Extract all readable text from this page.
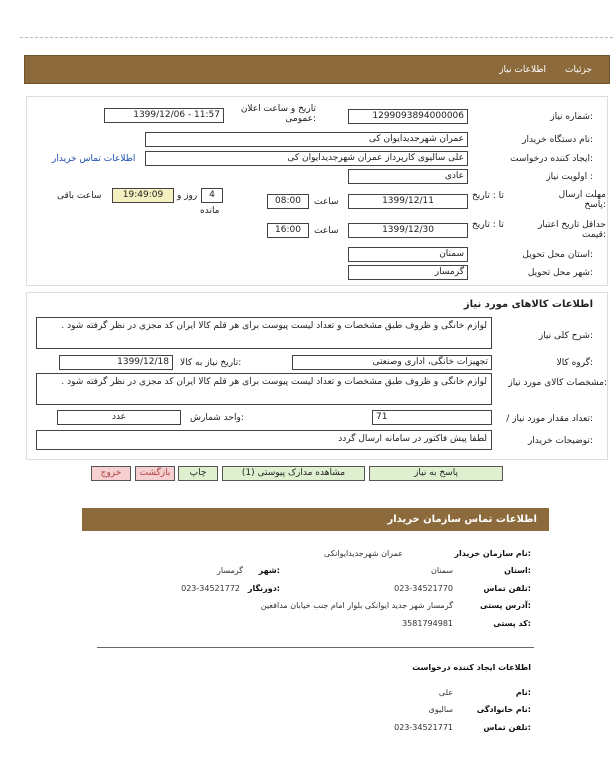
جزئیات
اطلاعات نیاز
شماره نیاز:
1299093894000006
تاریخ و ساعت اعلان عمومی:
1399/12/06 - 11:57
نام دستگاه خریدار:
عمران شهرجدیدایوان کی
ایجاد کننده درخواست:
علی سالیوی کارپرداز عمران شهرجدیدایوان کی
اطلاعات تماس خریدار
اولویت نیاز :
عادی
مهلت ارسال پاسخ:
تا : تاریخ
1399/12/11
ساعت
08:00
4
روز و
19:49:09
ساعت باقی
مانده
حداقل تاریخ اعتبار قیمت:
تا : تاریخ
1399/12/30
ساعت
16:00
استان محل تحویل:
سمنان
شهر محل تحویل:
گرمسار
اطلاعات کالاهای مورد نیاز
شرح کلی نیاز:
لوازم خانگی و ظروف طبق مشخصات و تعداد لیست پیوست برای هر قلم کالا ایران کد مجزی در نظر گرفته شود .
گروه کالا:
تجهیزات خانگی، اداری وصنعتی
تاریخ نیاز به کالا:
1399/12/18
مشخصات کالای مورد نیاز:
لوازم خانگی و ظروف طبق مشخصات و تعداد لیست پیوست برای هر قلم کالا ایران کد مجزی در نظر گرفته شود .
/ تعداد مقدار مورد نیاز:
71
واحد شمارش:
عدد
توضیحات خریدار:
لطفا پیش فاکتور در سامانه ارسال گردد
پاسخ به نیاز
مشاهده مدارک پیوستی (1)
چاپ
بازگشت
خروج
اطلاعات تماس سازمان خریدار
نام سازمان خریدار:
عمران شهرجدیدایوانکی
استان:
سمنان
شهر:
گرمسار
تلفن تماس:
023-34521770
دورنگار:
023-34521772
آدرس پستی:
گرمسار شهر جدید ایوانکی بلوار امام جنب خیابان مدافعین
کد پستی:
3581794981
اطلاعات ایجاد کننده درخواست
نام:
علی
نام خانوادگی:
سالیوی
تلفن تماس:
023-34521771
